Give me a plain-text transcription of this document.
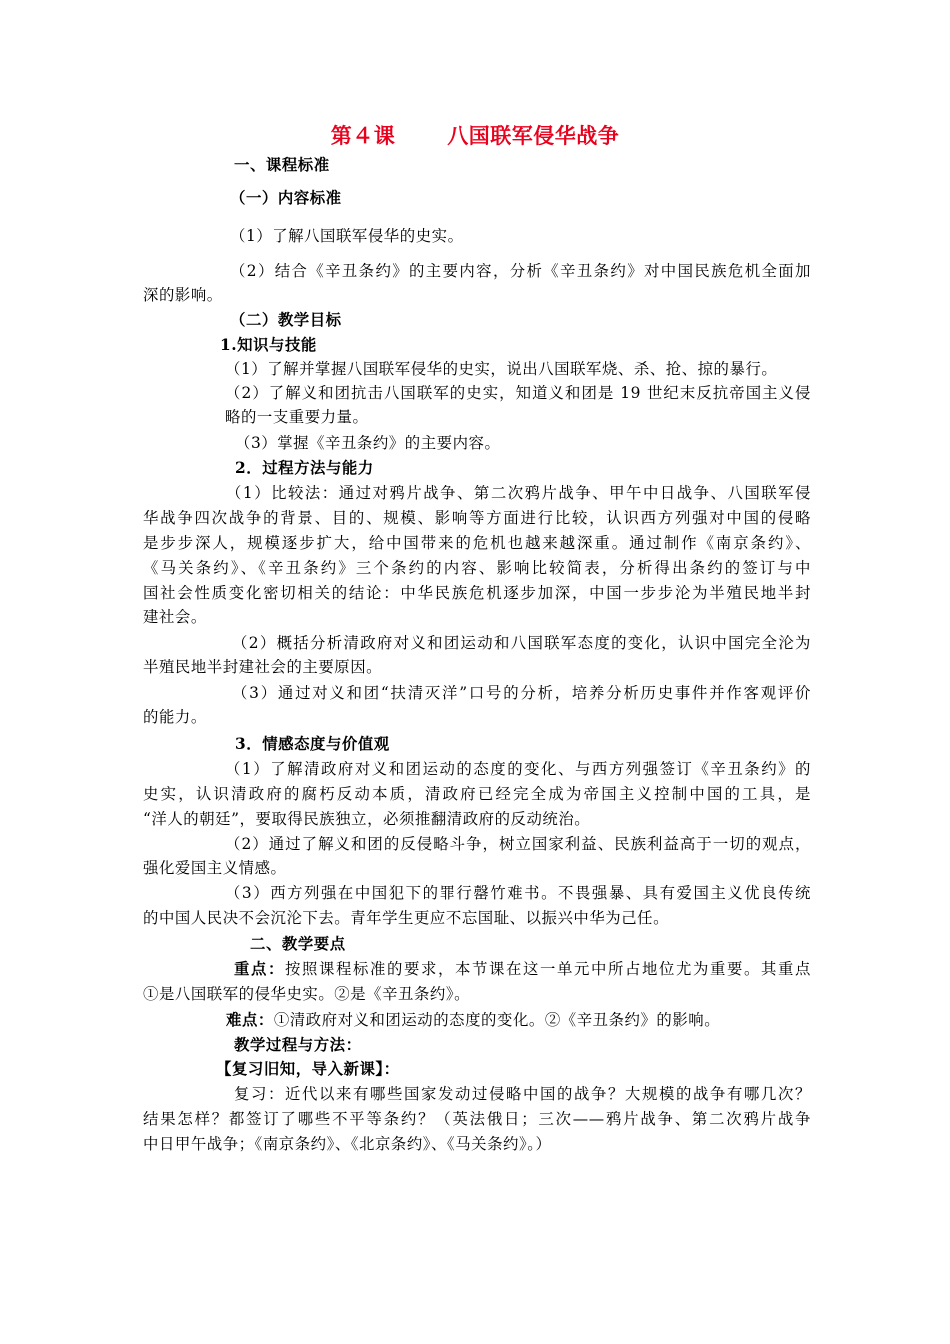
第４课 八国联军侵华战争
一、课程标准
（一）内容标准
（1）了解八国联军侵华的史实。
（2）结合《辛丑条约》的主要内容，分析《辛丑条约》对中国民族危机全面加
深的影响。
（二）教学目标
1.知识与技能
（1）了解并掌握八国联军侵华的史实，说出八国联军烧、杀、抢、掠的暴行。
（2）了解义和团抗击八国联军的史实，知道义和团是 19 世纪末反抗帝国主义侵
略的一支重要力量。
（3）掌握《辛丑条约》的主要内容。
2．过程方法与能力
（1）比较法：通过对鸦片战争、第二次鸦片战争、甲午中日战争、八国联军侵
华战争四次战争的背景、目的、规模、影响等方面进行比较，认识西方列强对中国的侵略
是步步深人，规模逐步扩大，给中国带来的危机也越来越深重。通过制作《南京条约》、
《马关条约》、《辛丑条约》三个条约的内容、影响比较简表，分析得出条约的签订与中
国社会性质变化密切相关的结论：中华民族危机逐步加深，中国一步步沦为半殖民地半封
建社会。
（2）概括分析清政府对义和团运动和八国联军态度的变化，认识中国完全沦为
半殖民地半封建社会的主要原因。
（3）通过对义和团“扶清灭洋”口号的分析，培养分析历史事件并作客观评价
的能力。
3．情感态度与价值观
（1）了解清政府对义和团运动的态度的变化、与西方列强签订《辛丑条约》的
史实，认识清政府的腐朽反动本质，清政府已经完全成为帝国主义控制中国的工具，是
“洋人的朝廷”，要取得民族独立，必须推翻清政府的反动统治。
（2）通过了解义和团的反侵略斗争，树立国家利益、民族利益高于一切的观点，
强化爱国主义情感。
（3）西方列强在中国犯下的罪行罄竹难书。不畏强暴、具有爱国主义优良传统
的中国人民决不会沉沦下去。青年学生更应不忘国耻、以振兴中华为己任。
二、教学要点
重点：按照课程标准的要求，本节课在这一单元中所占地位尤为重要。其重点
①是八国联军的侵华史实。②是《辛丑条约》。
难点：①清政府对义和团运动的态度的变化。②《辛丑条约》的影响。
教学过程与方法：
【复习旧知，导入新课】：
复习：近代以来有哪些国家发动过侵略中国的战争？大规模的战争有哪几次？
结果怎样？都签订了哪些不平等条约？（英法俄日；三次——鸦片战争、第二次鸦片战争
中日甲午战争；《南京条约》、《北京条约》、《马关条约》。）
